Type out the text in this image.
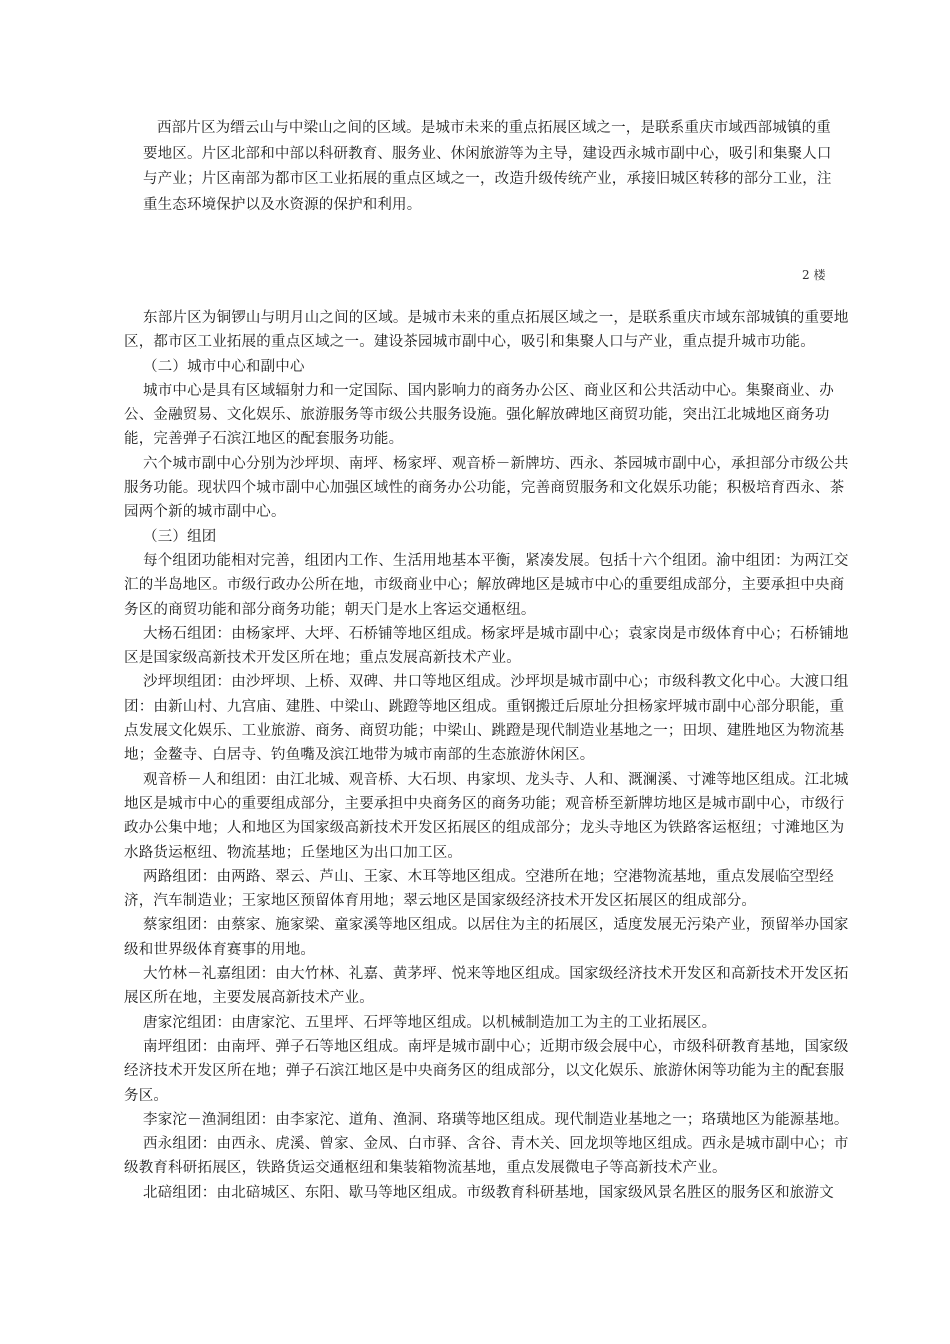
西部片区为缙云山与中梁山之间的区域。是城市未来的重点拓展区域之一，是联系重庆市域西部城镇的重要地区。片区北部和中部以科研教育、服务业、休闲旅游等为主导，建设西永城市副中心，吸引和集聚人口与产业；片区南部为都市区工业拓展的重点区域之一，改造升级传统产业，承接旧城区转移的部分工业，注重生态环境保护以及水资源的保护和利用。

2 楼

东部片区为铜锣山与明月山之间的区域。是城市未来的重点拓展区域之一，是联系重庆市域东部城镇的重要地区，都市区工业拓展的重点区域之一。建设茶园城市副中心，吸引和集聚人口与产业，重点提升城市功能。

（二）城市中心和副中心

城市中心是具有区域辐射力和一定国际、国内影响力的商务办公区、商业区和公共活动中心。集聚商业、办公、金融贸易、文化娱乐、旅游服务等市级公共服务设施。强化解放碑地区商贸功能，突出江北城地区商务功能，完善弹子石滨江地区的配套服务功能。

六个城市副中心分别为沙坪坝、南坪、杨家坪、观音桥－新牌坊、西永、茶园城市副中心，承担部分市级公共服务功能。现状四个城市副中心加强区域性的商务办公功能，完善商贸服务和文化娱乐功能；积极培育西永、茶园两个新的城市副中心。

（三）组团

每个组团功能相对完善，组团内工作、生活用地基本平衡，紧凑发展。包括十六个组团。渝中组团：为两江交汇的半岛地区。市级行政办公所在地，市级商业中心；解放碑地区是城市中心的重要组成部分，主要承担中央商务区的商贸功能和部分商务功能；朝天门是水上客运交通枢纽。

大杨石组团：由杨家坪、大坪、石桥铺等地区组成。杨家坪是城市副中心；袁家岗是市级体育中心；石桥铺地区是国家级高新技术开发区所在地；重点发展高新技术产业。

沙坪坝组团：由沙坪坝、上桥、双碑、井口等地区组成。沙坪坝是城市副中心；市级科教文化中心。大渡口组团：由新山村、九宫庙、建胜、中梁山、跳蹬等地区组成。重钢搬迁后原址分担杨家坪城市副中心部分职能，重点发展文化娱乐、工业旅游、商务、商贸功能；中梁山、跳蹬是现代制造业基地之一；田坝、建胜地区为物流基地；金鳌寺、白居寺、钓鱼嘴及滨江地带为城市南部的生态旅游休闲区。

观音桥－人和组团：由江北城、观音桥、大石坝、冉家坝、龙头寺、人和、溉澜溪、寸滩等地区组成。江北城地区是城市中心的重要组成部分，主要承担中央商务区的商务功能；观音桥至新牌坊地区是城市副中心，市级行政办公集中地；人和地区为国家级高新技术开发区拓展区的组成部分；龙头寺地区为铁路客运枢纽；寸滩地区为水路货运枢纽、物流基地；丘堡地区为出口加工区。

两路组团：由两路、翠云、芦山、王家、木耳等地区组成。空港所在地；空港物流基地，重点发展临空型经济，汽车制造业；王家地区预留体育用地；翠云地区是国家级经济技术开发区拓展区的组成部分。

蔡家组团：由蔡家、施家梁、童家溪等地区组成。以居住为主的拓展区，适度发展无污染产业，预留举办国家级和世界级体育赛事的用地。

大竹林－礼嘉组团：由大竹林、礼嘉、黄茅坪、悦来等地区组成。国家级经济技术开发区和高新技术开发区拓展区所在地，主要发展高新技术产业。

唐家沱组团：由唐家沱、五里坪、石坪等地区组成。以机械制造加工为主的工业拓展区。

南坪组团：由南坪、弹子石等地区组成。南坪是城市副中心；近期市级会展中心，市级科研教育基地，国家级经济技术开发区所在地；弹子石滨江地区是中央商务区的组成部分，以文化娱乐、旅游休闲等功能为主的配套服务区。

李家沱－渔洞组团：由李家沱、道角、渔洞、珞璜等地区组成。现代制造业基地之一；珞璜地区为能源基地。

西永组团：由西永、虎溪、曾家、金凤、白市驿、含谷、青木关、回龙坝等地区组成。西永是城市副中心；市级教育科研拓展区，铁路货运交通枢纽和集装箱物流基地，重点发展微电子等高新技术产业。

北碚组团：由北碚城区、东阳、歇马等地区组成。市级教育科研基地，国家级风景名胜区的服务区和旅游文
